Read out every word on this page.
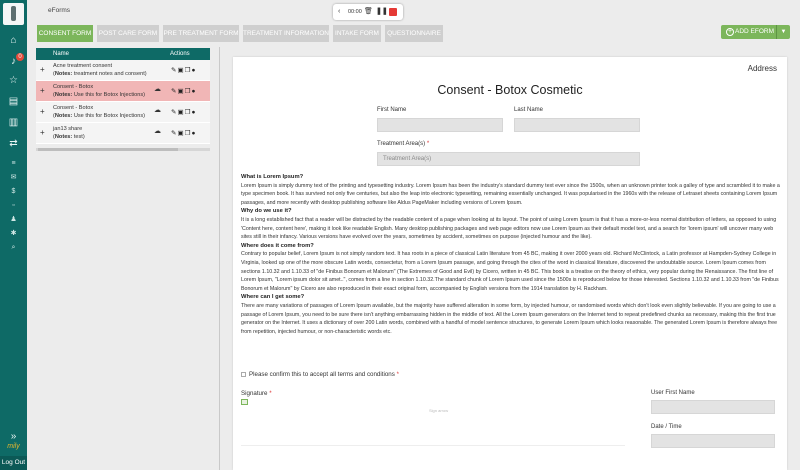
⌂
♪ 0
☆
▤
▥
⇄
≡
✉
$
▫
♟
✱
⌕
»
mily
Log Out
eForms	‹ 00:00 🗑 ❚❚
CONSENT FORM POST CARE FORM PRE TREATMENT FORM TREATMENT INFORMATION INTAKE FORM	QUESTIONNAIRE	+ ADD EFORM	▼
Name	Actions
+ Acne treatment consent
(Notes: treatment notes and consent)	✎▣❐●
+ Consent - Botox
(Notes: Use this for Botox Injections)
☁ ✎▣❐●
+ Consent - Botox
(Notes: Use this for Botox Injections)
☁ ✎▣❐●
+ jan13 share
(Notes: test)
☁ ✎▣❐●
Address
Consent - Botox Cosmetic
First Name	Last Name
Treatment Area(s) *
Treatment Area(s)
What is Lorem Ipsum?

Lorem Ipsum is simply dummy text of the printing and typesetting industry. Lorem Ipsum has been the industry's standard dummy text ever since the 1500s, when an unknown printer took a galley of type and scrambled it to make a type specimen book. It has survived not only five centuries, but also the leap into electronic typesetting, remaining essentially unchanged. It was popularised in the 1960s with the release of Letraset sheets containing Lorem Ipsum passages, and more recently with desktop publishing software like Aldus PageMaker including versions of Lorem Ipsum.

Why do we use it?

It is a long established fact that a reader will be distracted by the readable content of a page when looking at its layout. The point of using Lorem Ipsum is that it has a more-or-less normal distribution of letters, as opposed to using 'Content here, content here', making it look like readable English. Many desktop publishing packages and web page editors now use Lorem Ipsum as their default model text, and a search for 'lorem ipsum' will uncover many web sites still in their infancy. Various versions have evolved over the years, sometimes by accident, sometimes on purpose (injected humour and the like).

Where does it come from?

Contrary to popular belief, Lorem Ipsum is not simply random text. It has roots in a piece of classical Latin literature from 45 BC, making it over 2000 years old. Richard McClintock, a Latin professor at Hampden-Sydney College in Virginia, looked up one of the more obscure Latin words, consectetur, from a Lorem Ipsum passage, and going through the cites of the word in classical literature, discovered the undoubtable source. Lorem Ipsum comes from sections 1.10.32 and 1.10.33 of "de Finibus Bonorum et Malorum" (The Extremes of Good and Evil) by Cicero, written in 45 BC. This book is a treatise on the theory of ethics, very popular during the Renaissance. The first line of Lorem Ipsum, "Lorem ipsum dolor sit amet..", comes from a line in section 1.10.32.The standard chunk of Lorem Ipsum used since the 1500s is reproduced below for those interested. Sections 1.10.32 and 1.10.33 from "de Finibus Bonorum et Malorum" by Cicero are also reproduced in their exact original form, accompanied by English versions from the 1914 translation by H. Rackham.

Where can I get some?

There are many variations of passages of Lorem Ipsum available, but the majority have suffered alteration in some form, by injected humour, or randomised words which don't look even slightly believable. If you are going to use a passage of Lorem Ipsum, you need to be sure there isn't anything embarrassing hidden in the middle of text. All the Lorem Ipsum generators on the Internet tend to repeat predefined chunks as necessary, making this the first true generator on the Internet. It uses a dictionary of over 200 Latin words, combined with a handful of model sentence structures, to generate Lorem Ipsum which looks reasonable. The generated Lorem Ipsum is therefore always free from repetition, injected humour, or non-characteristic words etc.

Please confirm this to accept all terms and conditions *
Signature *
Sign arrow
User First Name
Date / Time
